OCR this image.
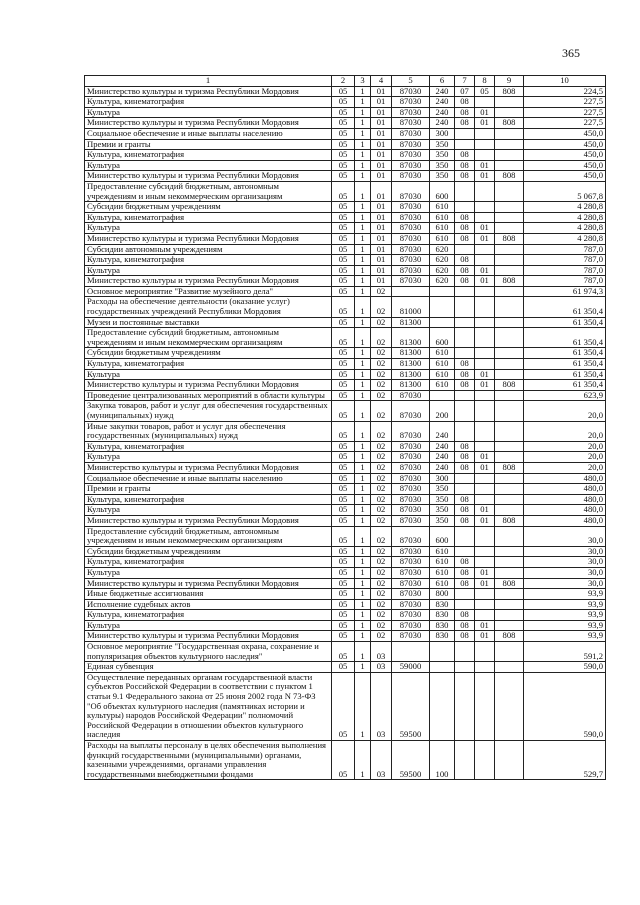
365
1	2	3	4	5	6	7	8	9	10
Министерство культуры и туризма Республики Мордовия	05	1	01	87030	240	07	05	808	224,5
Культура, кинематография	05	1	01	87030	240	08			227,5
Культура	05	1	01	87030	240	08	01		227,5
Министерство культуры и туризма Республики Мордовия	05	1	01	87030	240	08	01	808	227,5
Социальное обеспечение и иные выплаты населению	05	1	01	87030	300				450,0
Премии и гранты	05	1	01	87030	350				450,0
Культура, кинематография	05	1	01	87030	350	08			450,0
Культура	05	1	01	87030	350	08	01		450,0
Министерство культуры и туризма Республики Мордовия	05	1	01	87030	350	08	01	808	450,0
Предоставление субсидий бюджетным, автономным учреждениям и иным некоммерческим организациям	05	1	01	87030	600				5 067,8
Субсидии бюджетным учреждениям	05	1	01	87030	610				4 280,8
Культура, кинематография	05	1	01	87030	610	08			4 280,8
Культура	05	1	01	87030	610	08	01		4 280,8
Министерство культуры и туризма Республики Мордовия	05	1	01	87030	610	08	01	808	4 280,8
Субсидии автономным учреждениям	05	1	01	87030	620				787,0
Культура, кинематография	05	1	01	87030	620	08			787,0
Культура	05	1	01	87030	620	08	01		787,0
Министерство культуры и туризма Республики Мордовия	05	1	01	87030	620	08	01	808	787,0
Основное мероприятие "Развитие музейного дела"	05	1	02						61 974,3
Расходы на обеспечение деятельности (оказание услуг) государственных учреждений Республики Мордовия	05	1	02	81000					61 350,4
Музеи и постоянные выставки	05	1	02	81300					61 350,4
Предоставление субсидий бюджетным, автономным учреждениям и иным некоммерческим организациям	05	1	02	81300	600				61 350,4
Субсидии бюджетным учреждениям	05	1	02	81300	610				61 350,4
Культура, кинематография	05	1	02	81300	610	08			61 350,4
Культура	05	1	02	81300	610	08	01		61 350,4
Министерство культуры и туризма Республики Мордовия	05	1	02	81300	610	08	01	808	61 350,4
Проведение централизованных мероприятий в области культуры	05	1	02	87030					623,9
Закупка товаров, работ и услуг для обеспечения государственных (муниципальных) нужд	05	1	02	87030	200				20,0
Иные закупки товаров, работ и услуг для обеспечения государственных (муниципальных) нужд	05	1	02	87030	240				20,0
Культура, кинематография	05	1	02	87030	240	08			20,0
Культура	05	1	02	87030	240	08	01		20,0
Министерство культуры и туризма Республики Мордовия	05	1	02	87030	240	08	01	808	20,0
Социальное обеспечение и иные выплаты населению	05	1	02	87030	300				480,0
Премии и гранты	05	1	02	87030	350				480,0
Культура, кинематография	05	1	02	87030	350	08			480,0
Культура	05	1	02	87030	350	08	01		480,0
Министерство культуры и туризма Республики Мордовия	05	1	02	87030	350	08	01	808	480,0
Предоставление субсидий бюджетным, автономным учреждениям и иным некоммерческим организациям	05	1	02	87030	600				30,0
Субсидии бюджетным учреждениям	05	1	02	87030	610				30,0
Культура, кинематография	05	1	02	87030	610	08			30,0
Культура	05	1	02	87030	610	08	01		30,0
Министерство культуры и туризма Республики Мордовия	05	1	02	87030	610	08	01	808	30,0
Иные бюджетные ассигнования	05	1	02	87030	800				93,9
Исполнение судебных актов	05	1	02	87030	830				93,9
Культура, кинематография	05	1	02	87030	830	08			93,9
Культура	05	1	02	87030	830	08	01		93,9
Министерство культуры и туризма Республики Мордовия	05	1	02	87030	830	08	01	808	93,9
Основное мероприятие "Государственная охрана, сохранение и популяризация объектов культурного наследия"	05	1	03						591,2
Единая субвенция	05	1	03	59000					590,0
Осуществление переданных органам государственной власти субъектов Российской Федерации в соответствии с пунктом 1 статьи 9.1 Федерального закона от 25 июня 2002 года N 73-ФЗ "Об объектах культурного наследия (памятниках истории и культуры) народов Российской Федерации" полномочий Российской Федерации в отношении объектов культурного наследия	05	1	03	59500					590,0
Расходы на выплаты персоналу в целях обеспечения выполнения функций государственными (муниципальными) органами, казенными учреждениями, органами управления государственными внебюджетными фондами	05	1	03	59500	100				529,7
